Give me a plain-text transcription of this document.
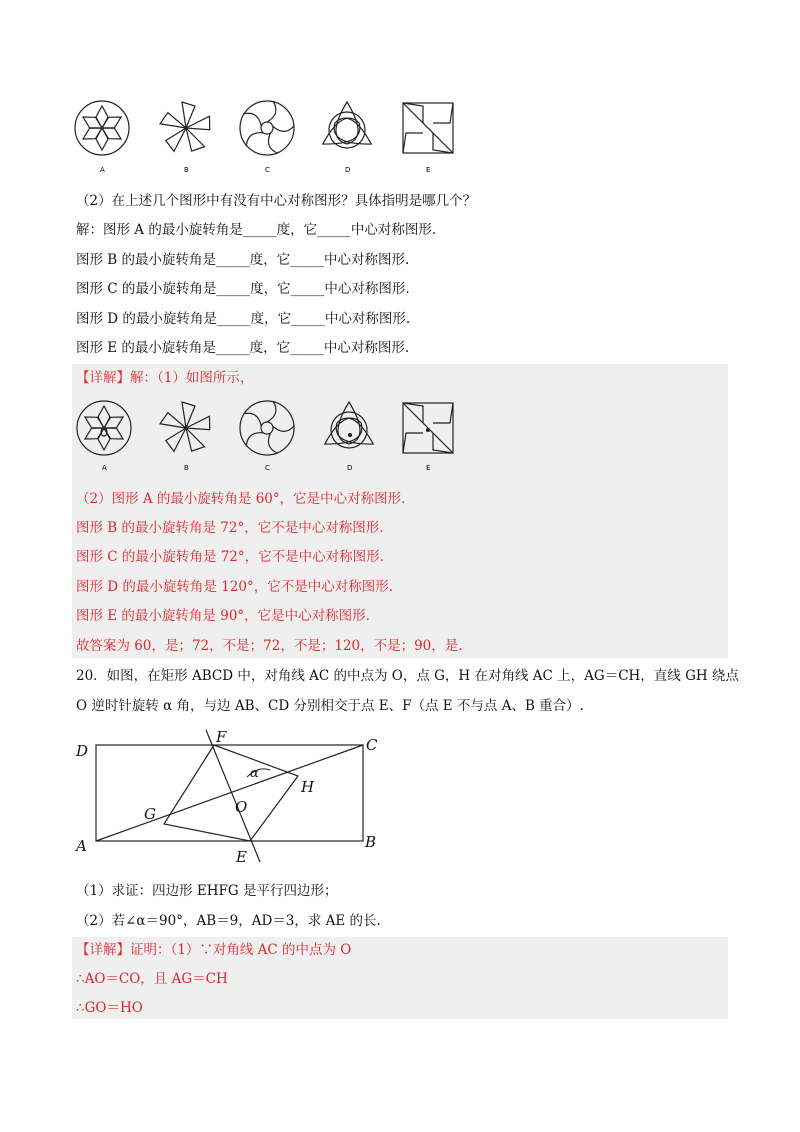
A	B	C	D	E
（2）在上述几个图形中有没有中心对称图形？具体指明是哪几个？
解：图形 A 的最小旋转角是_____度，它_____中心对称图形.
图形 B 的最小旋转角是_____度，它_____中心对称图形.
图形 C 的最小旋转角是_____度，它_____中心对称图形.
图形 D 的最小旋转角是_____度，它_____中心对称图形.
图形 E 的最小旋转角是_____度，它_____中心对称图形.
【详解】解：（1）如图所示，
A	B	C	D	E
（2）图形 A 的最小旋转角是 60°，它是中心对称图形.
图形 B 的最小旋转角是 72°，它不是中心对称图形.
图形 C 的最小旋转角是 72°，它不是中心对称图形.
图形 D 的最小旋转角是 120°，它不是中心对称图形.
图形 E 的最小旋转角是 90°，它是中心对称图形.
故答案为 60，是；72，不是；72，不是；120，不是；90，是.
20．如图，在矩形 ABCD 中，对角线 AC 的中点为 O，点 G，H 在对角线 AC 上，AG＝CH，直线 GH 绕点
O 逆时针旋转 α 角，与边 AB、CD 分别相交于点 E、F（点 E 不与点 A、B 重合）.
D
F	C
α
H
G	O
A
E
B
（1）求证：四边形 EHFG 是平行四边形；
（2）若∠α＝90°，AB＝9，AD＝3，求 AE 的长.
【详解】证明：（1）∵对角线 AC 的中点为 O
∴AO＝CO，且 AG＝CH
∴GO＝HO
